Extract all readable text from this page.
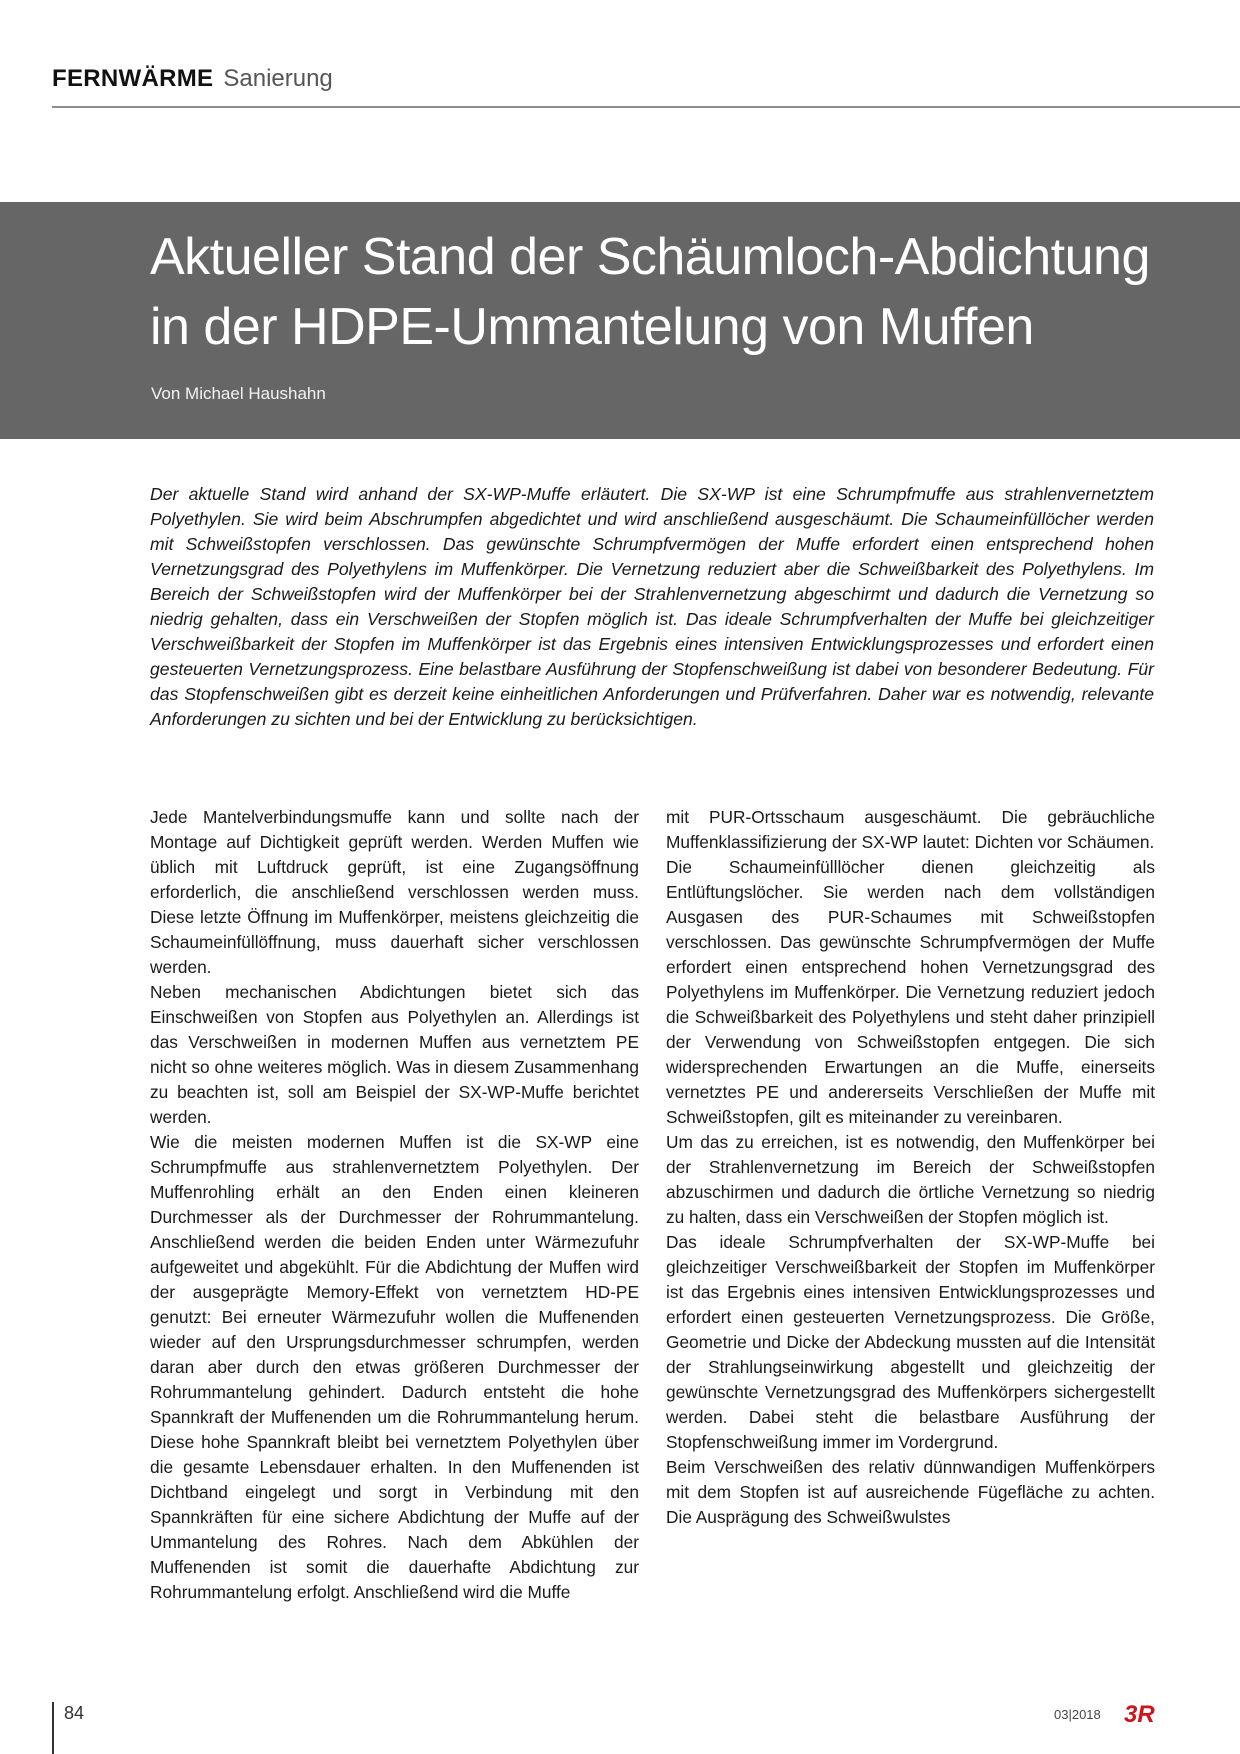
FERNWÄRME Sanierung
Aktueller Stand der Schäumloch-Abdichtung
in der HDPE-Ummantelung von Muffen
Von Michael Haushahn

Der aktuelle Stand wird anhand der SX-WP-Muffe erläutert. Die SX-WP ist eine Schrumpfmuffe aus strahlenvernetztem Polyethylen. Sie wird beim Abschrumpfen abgedichtet und wird anschließend ausgeschäumt. Die Schaumeinfüllöcher werden mit Schweißstopfen verschlossen. Das gewünschte Schrumpfvermögen der Muffe erfordert einen entsprechend hohen Vernetzungsgrad des Polyethylens im Muffenkörper. Die Vernetzung reduziert aber die Schweißbarkeit des Polyethylens. Im Bereich der Schweißstopfen wird der Muffenkörper bei der Strahlenvernetzung abgeschirmt und dadurch die Vernetzung so niedrig gehalten, dass ein Verschweißen der Stopfen möglich ist. Das ideale Schrumpfverhalten der Muffe bei gleichzeitiger Verschweißbarkeit der Stopfen im Muffenkörper ist das Ergebnis eines intensiven Entwicklungsprozesses und erfordert einen gesteuerten Vernetzungsprozess. Eine belastbare Ausführung der Stopfenschweißung ist dabei von besonderer Bedeutung. Für das Stopfenschweißen gibt es derzeit keine einheitlichen Anforderungen und Prüfverfahren. Daher war es notwendig, relevante Anforderungen zu sichten und bei der Entwicklung zu berücksichtigen.

Jede Mantelverbindungsmuffe kann und sollte nach der Montage auf Dichtigkeit geprüft werden. Werden Muffen wie üblich mit Luftdruck geprüft, ist eine Zugangsöffnung erforderlich, die anschließend verschlossen werden muss. Diese letzte Öffnung im Muffenkörper, meistens gleichzeitig die Schaumeinfüllöffnung, muss dauerhaft sicher verschlossen werden.

Neben mechanischen Abdichtungen bietet sich das Einschweißen von Stopfen aus Polyethylen an. Allerdings ist das Verschweißen in modernen Muffen aus vernetztem PE nicht so ohne weiteres möglich. Was in diesem Zusammenhang zu beachten ist, soll am Beispiel der SX-WP-Muffe berichtet werden.

Wie die meisten modernen Muffen ist die SX-WP eine Schrumpfmuffe aus strahlenvernetztem Polyethylen. Der Muffenrohling erhält an den Enden einen kleineren Durchmesser als der Durchmesser der Rohrummantelung. Anschließend werden die beiden Enden unter Wärmezufuhr aufgeweitet und abgekühlt. Für die Abdichtung der Muffen wird der ausgeprägte Memory-Effekt von vernetztem HD-PE genutzt: Bei erneuter Wärmezufuhr wollen die Muffenenden wieder auf den Ursprungsdurchmesser schrumpfen, werden daran aber durch den etwas größeren Durchmesser der Rohrummantelung gehindert. Dadurch entsteht die hohe Spannkraft der Muffenenden um die Rohrummantelung herum. Diese hohe Spannkraft bleibt bei vernetztem Polyethylen über die gesamte Lebensdauer erhalten. In den Muffenenden ist Dichtband eingelegt und sorgt in Verbindung mit den Spannkräften für eine sichere Abdichtung der Muffe auf der Ummantelung des Rohres. Nach dem Abkühlen der Muffenenden ist somit die dauerhafte Abdichtung zur Rohrummantelung erfolgt. Anschließend wird die Muffe

mit PUR-Ortsschaum ausgeschäumt. Die gebräuchliche Muffenklassifizierung der SX-WP lautet: Dichten vor Schäumen.

Die Schaumeinfülllöcher dienen gleichzeitig als Entlüftungslöcher. Sie werden nach dem vollständigen Ausgasen des PUR-Schaumes mit Schweißstopfen verschlossen. Das gewünschte Schrumpfvermögen der Muffe erfordert einen entsprechend hohen Vernetzungsgrad des Polyethylens im Muffenkörper. Die Vernetzung reduziert jedoch die Schweißbarkeit des Polyethylens und steht daher prinzipiell der Verwendung von Schweißstopfen entgegen. Die sich widersprechenden Erwartungen an die Muffe, einerseits vernetztes PE und andererseits Verschließen der Muffe mit Schweißstopfen, gilt es miteinander zu vereinbaren.

Um das zu erreichen, ist es notwendig, den Muffenkörper bei der Strahlenvernetzung im Bereich der Schweißstopfen abzuschirmen und dadurch die örtliche Vernetzung so niedrig zu halten, dass ein Verschweißen der Stopfen möglich ist.

Das ideale Schrumpfverhalten der SX-WP-Muffe bei gleichzeitiger Verschweißbarkeit der Stopfen im Muffenkörper ist das Ergebnis eines intensiven Entwicklungsprozesses und erfordert einen gesteuerten Vernetzungsprozess. Die Größe, Geometrie und Dicke der Abdeckung mussten auf die Intensität der Strahlungseinwirkung abgestellt und gleichzeitig der gewünschte Vernetzungsgrad des Muffenkörpers sichergestellt werden. Dabei steht die belastbare Ausführung der Stopfenschweißung immer im Vordergrund.

Beim Verschweißen des relativ dünnwandigen Muffenkörpers mit dem Stopfen ist auf ausreichende Fügefläche zu achten. Die Ausprägung des Schweißwulstes

84	03|2018 3R
